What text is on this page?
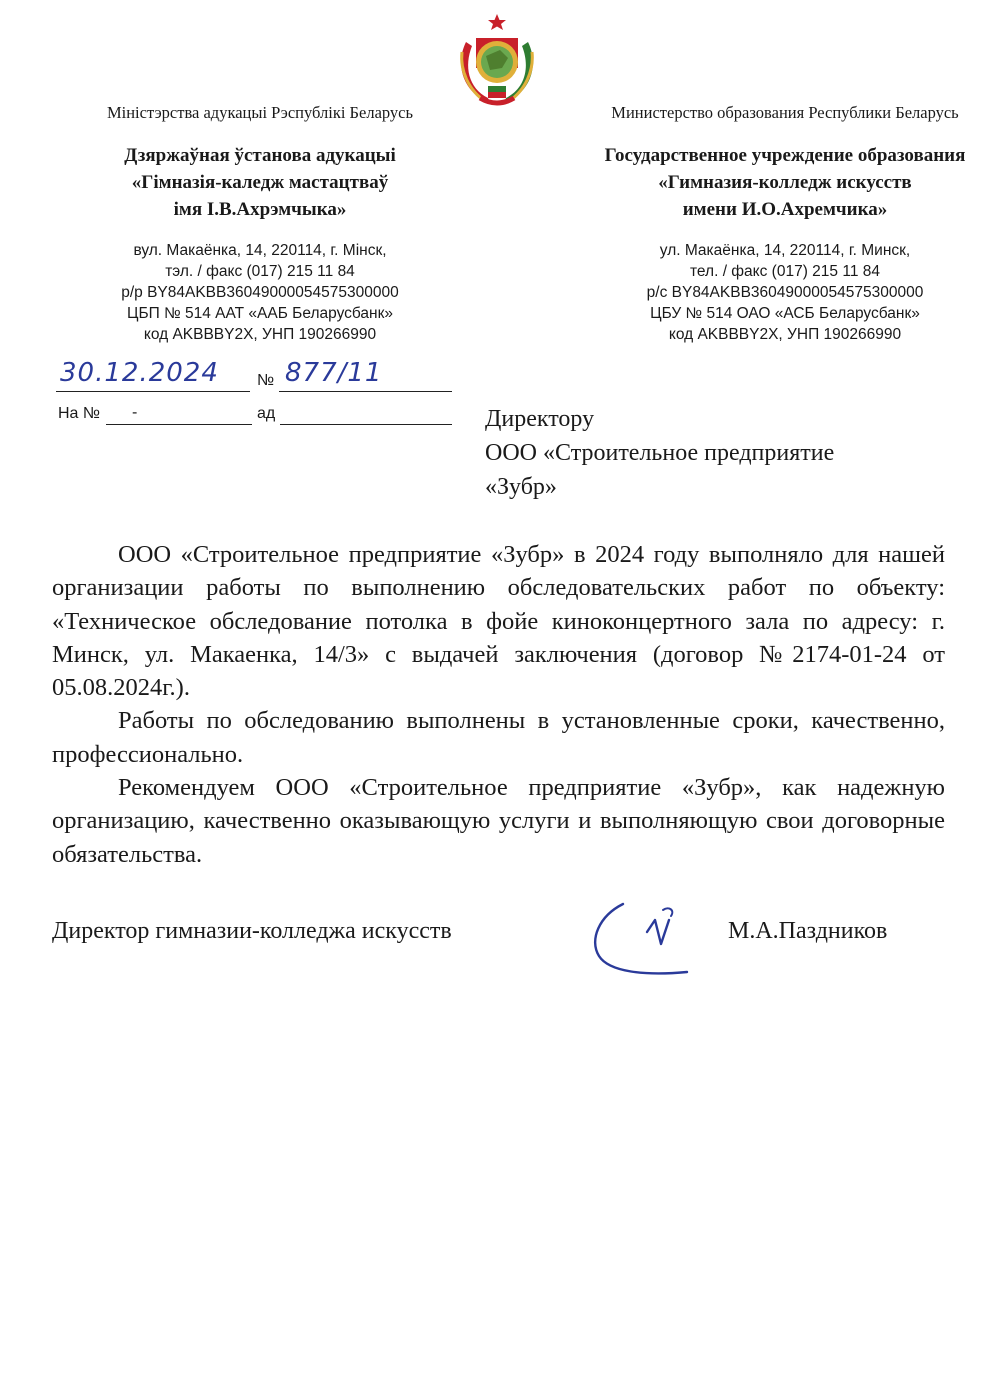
Міністэрства адукацыі Рэспублікі Беларусь
Дзяржаўная ўстанова адукацыі
«Гімназія-каледж мастацтваў
імя І.В.Ахрэмчыка»
вул. Макаёнка, 14, 220114, г. Мінск,
тэл. / факс (017) 215 11 84
р/р BY84AKBB36049000054575300000
ЦБП № 514 ААТ «ААБ Беларусбанк»
код AKBBBY2X, УНП 190266990
Министерство образования Республики Беларусь
Государственное учреждение образования
«Гимназия-колледж искусств
имени И.О.Ахремчика»
ул. Макаёнка, 14, 220114, г. Минск,
тел. / факс (017) 215 11 84
р/с BY84AKBB36049000054575300000
ЦБУ № 514 ОАО «АСБ Беларусбанк»
код AKBBBY2X, УНП 190266990
30.12.2024 № 877/11
На № -	ад	Директору
ООО «Строительное предприятие
«Зубр»

ООО «Строительное предприятие «Зубр» в 2024 году выполняло для нашей организации работы по выполнению обследовательских работ по объекту: «Техническое обследование потолка в фойе киноконцертного зала по адресу: г. Минск, ул. Макаенка, 14/3» с выдачей заключения (договор №2174-01-24 от 05.08.2024г.).

Работы по обследованию выполнены в установленные сроки, качественно, профессионально.

Рекомендуем ООО «Строительное предприятие «Зубр», как надежную организацию, качественно оказывающую услуги и выполняющую свои договорные обязательства.

Директор гимназии-колледжа искусств	М.А.Паздников
